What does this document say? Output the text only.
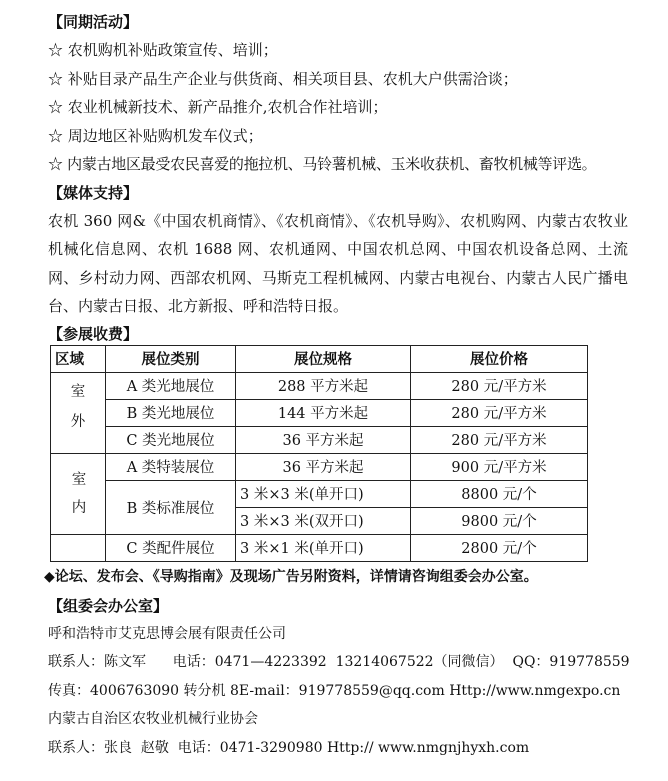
【同期活动】
☆ 农机购机补贴政策宣传、培训；
☆ 补贴目录产品生产企业与供货商、相关项目县、农机大户供需洽谈；
☆ 农业机械新技术、新产品推介,农机合作社培训；
☆ 周边地区补贴购机发车仪式；
☆ 内蒙古地区最受农民喜爱的拖拉机、马铃薯机械、玉米收获机、畜牧机械等评选。
【媒体支持】
农机 360 网&《中国农机商情》、《农机商情》、《农机导购》、农机购网、内蒙古农牧业机械化信息网、农机 1688 网、农机通网、中国农机总网、中国农机设备总网、土流网、乡村动力网、西部农机网、马斯克工程机械网、内蒙古电视台、内蒙古人民广播电台、内蒙古日报、北方新报、呼和浩特日报。
【参展收费】
区域	展位类别	展位规格	展位价格
室外	A 类光地展位	288 平方米起	280 元/平方米
	B 类光地展位	144 平方米起	280 元/平方米
	C 类光地展位	36 平方米起	280 元/平方米
室内	A 类特装展位	36 平方米起	900 元/平方米
	B 类标准展位	3 米×3 米(单开口)	8800 元/个
		3 米×3 米(双开口)	9800 元/个
	C 类配件展位	3 米×1 米(单开口)	2800 元/个
◆论坛、发布会、《导购指南》及现场广告另附资料，详情请咨询组委会办公室。
【组委会办公室】
呼和浩特市艾克思博会展有限责任公司
联系人：陈文军      电话：0471—4223392  13214067522（同微信）  QQ：919778559
传真：4006763090 转分机 8E-mail：919778559@qq.com Http://www.nmgexpo.cn
内蒙古自治区农牧业机械行业协会
联系人：张良  赵敬  电话：0471-3290980 Http:// www.nmgnjhyxh.com
